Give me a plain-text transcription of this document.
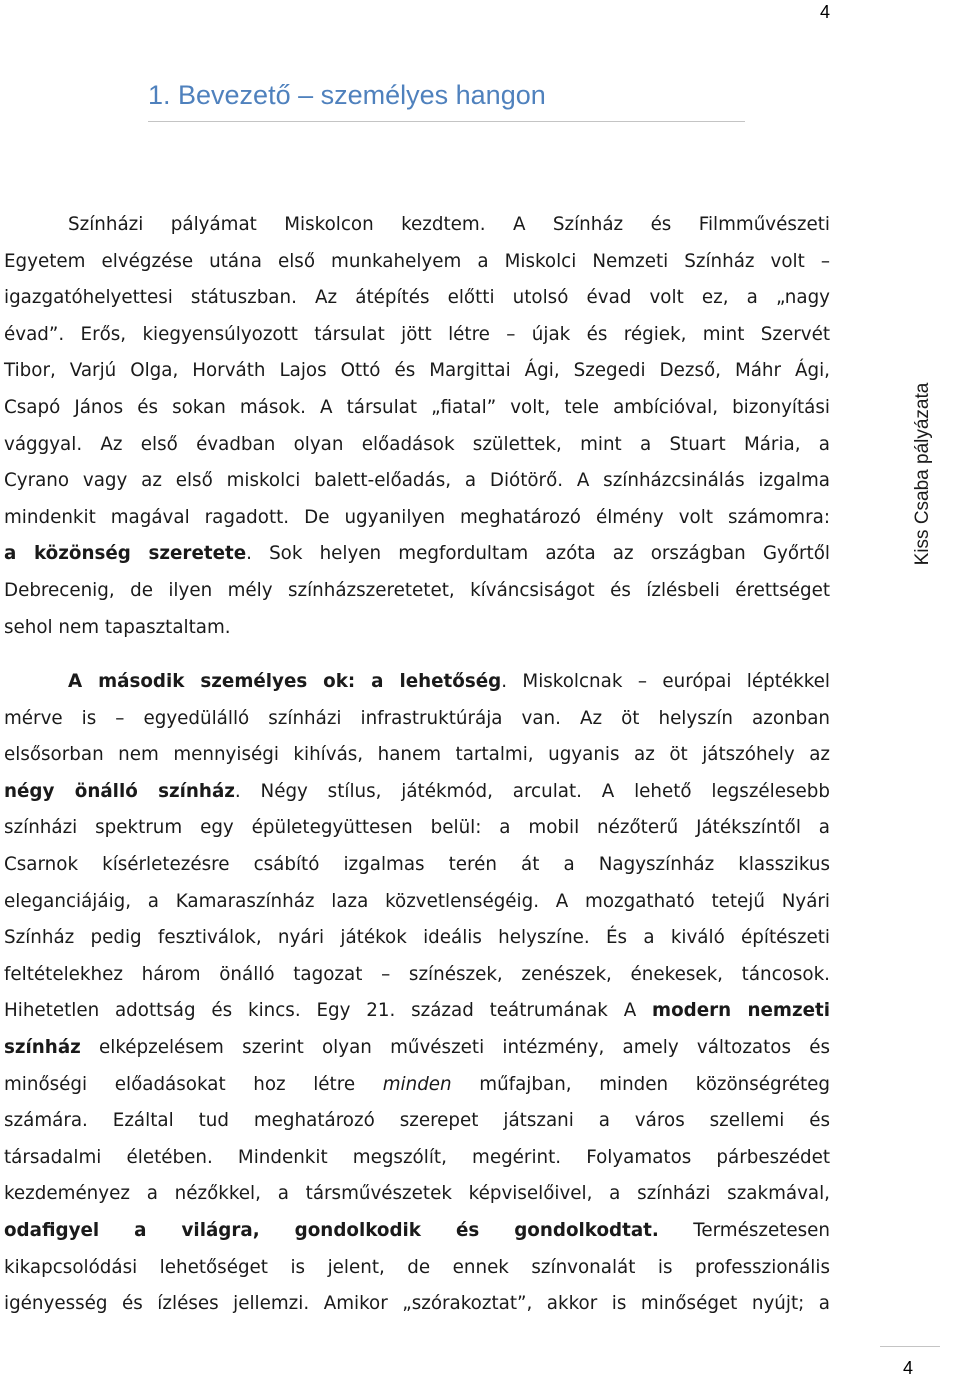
4
1. Bevezető – személyes hangon
Színházi pályámat Miskolcon kezdtem. A Színház és Filmművészeti
Egyetem elvégzése utána első munkahelyem a Miskolci Nemzeti Színház volt –
igazgatóhelyettesi státuszban. Az átépítés előtti utolsó évad volt ez, a „nagy
évad”. Erős, kiegyensúlyozott társulat jött létre – újak és régiek, mint Szervét
Tibor, Varjú Olga, Horváth Lajos Ottó és Margittai Ági, Szegedi Dezső, Máhr Ági,
Csapó János és sokan mások. A társulat „fiatal” volt, tele ambícióval, bizonyítási
vággyal. Az első évadban olyan előadások születtek, mint a Stuart Mária, a
Cyrano vagy az első miskolci balett-előadás, a Diótörő. A színházcsinálás izgalma
mindenkit magával ragadott. De ugyanilyen meghatározó élmény volt számomra:
a közönség szeretete. Sok helyen megfordultam azóta az országban Győrtől
Debrecenig, de ilyen mély színházszeretetet, kíváncsiságot és ízlésbeli érettséget
sehol nem tapasztaltam.
A második személyes ok: a lehetőség. Miskolcnak – európai léptékkel
mérve is – egyedülálló színházi infrastruktúrája van. Az öt helyszín azonban
elsősorban nem mennyiségi kihívás, hanem tartalmi, ugyanis az öt játszóhely az
négy önálló színház. Négy stílus, játékmód, arculat. A lehető legszélesebb
színházi spektrum egy épületegyüttesen belül: a mobil nézőterű Játékszíntől a
Csarnok kísérletezésre csábító izgalmas terén át a Nagyszínház klasszikus
eleganciájáig, a Kamaraszínház laza közvetlenségéig. A mozgatható tetejű Nyári
Színház pedig fesztiválok, nyári játékok ideális helyszíne. És a kiváló építészeti
feltételekhez három önálló tagozat – színészek, zenészek, énekesek, táncosok.
Hihetetlen adottság és kincs. Egy 21. század teátrumának A modern nemzeti
színház elképzelésem szerint olyan művészeti intézmény, amely változatos és
minőségi előadásokat hoz létre minden műfajban, minden közönségréteg
számára. Ezáltal tud meghatározó szerepet játszani a város szellemi és
társadalmi életében. Mindenkit megszólít, megérint. Folyamatos párbeszédet
kezdeményez a nézőkkel, a társművészetek képviselőivel, a színházi szakmával,
odafigyel a világra, gondolkodik és gondolkodtat. Természetesen
kikapcsolódási lehetőséget is jelent, de ennek színvonalát is professzionális
igényesség és ízléses jellemzi. Amikor „szórakoztat”, akkor is minőséget nyújt; a
Kiss Csaba pályázata
4
